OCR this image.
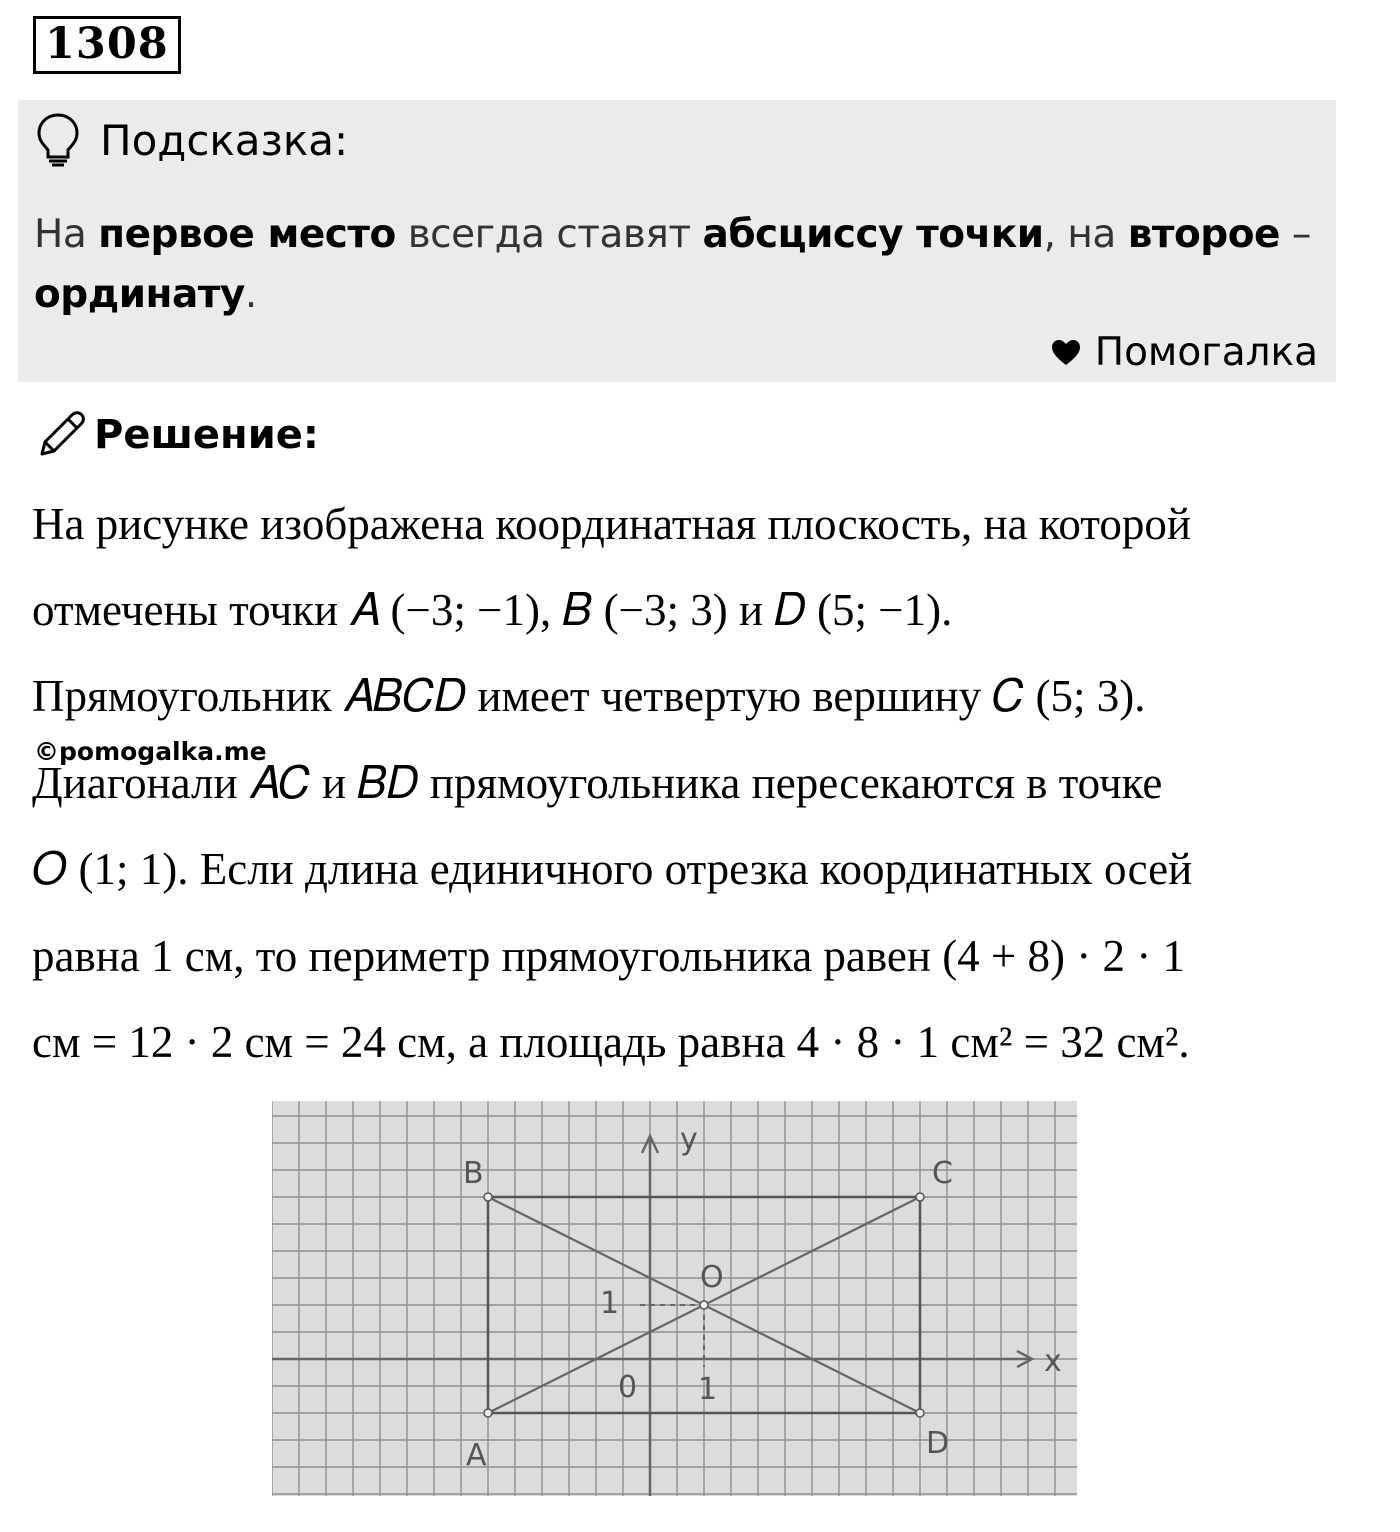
1308
Подсказка:
На первое место всегда ставят абсциссу точки, на второе –
ординату.
Помогалка
Решение:
На рисунке изображена координатная плоскость, на которой
отмечены точки 𝐴 (−3; −1), 𝐵 (−3; 3) и 𝐷 (5; −1).
Прямоугольник 𝐴𝐵𝐶𝐷 имеет четвертую вершину 𝐶 (5; 3).
©pomogalka.me
Диагонали 𝐴𝐶 и 𝐵𝐷 прямоугольника пересекаются в точке
𝑂 (1; 1). Если длина единичного отрезка координатных осей
равна 1 см, то периметр прямоугольника равен (4 + 8) · 2 · 1
см = 12 · 2 см = 24 см, а площадь равна 4 · 8 · 1 см² = 32 см².
B	C
A	D
O
0 1
1
x
y
